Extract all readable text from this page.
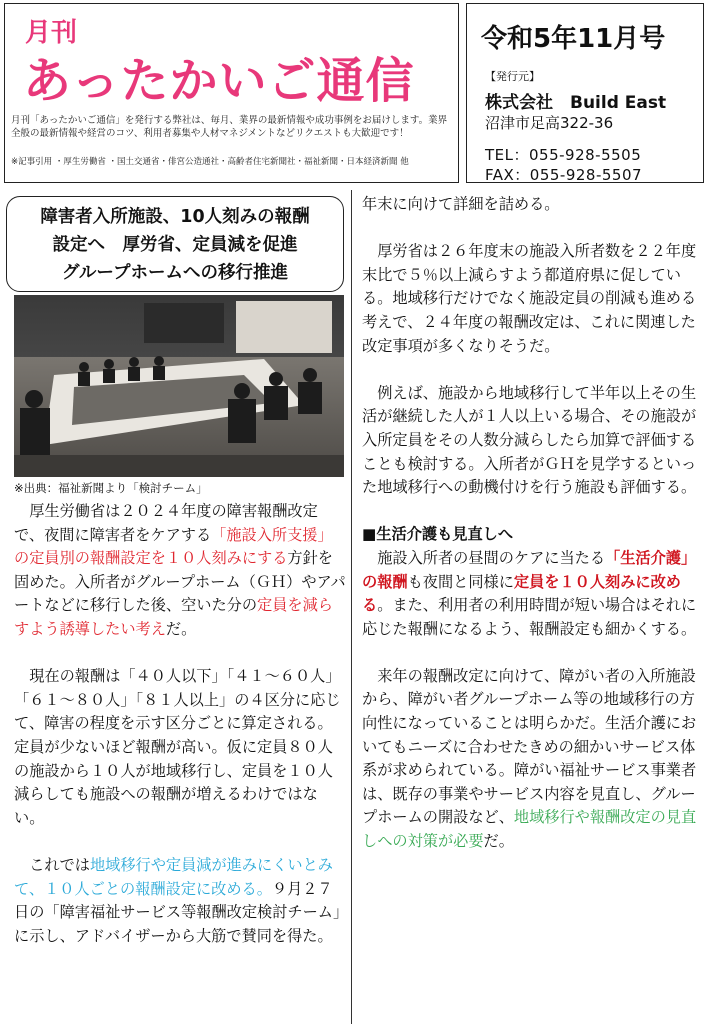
月刊
あったかいご通信
月刊「あったかいご通信」を発行する弊社は、毎月、業界の最新情報や成功事例をお届けします。業界全般の最新情報や経営のコツ、利用者募集や人材マネジメントなどリクエストも大歓迎です！
※記事引用 ・厚生労働省 ・国土交通省・俳宮公造通社・高齢者住宅新聞社・福祉新聞・日本経済新聞 他
令和5年11月号
【発行元】
株式会社　Build East
沼津市足高322-36
TEL：055-928-5505
FAX：055-928-5507
障害者入所施設、10人刻みの報酬
設定へ　厚労省、定員減を促進
グループホームへの移行推進
※出典：福祉新聞より「検討チーム」

　厚生労働省は２０２４年度の障害報酬改定で、夜間に障害者をケアする「施設入所支援」の定員別の報酬設定を１０人刻みにする方針を固めた。入所者がグループホーム（ＧＨ）やアパートなどに移行した後、空いた分の定員を減らすよう誘導したい考えだ。

　現在の報酬は「４０人以下」「４１～６０人」「６１～８０人」「８１人以上」の４区分に応じて、障害の程度を示す区分ごとに算定される。定員が少ないほど報酬が高い。仮に定員８０人の施設から１０人が地域移行し、定員を１０人減らしても施設への報酬が増えるわけではない。

　これでは地域移行や定員減が進みにくいとみて、１０人ごとの報酬設定に改める。９月２７日の「障害福祉サービス等報酬改定検討チーム」に示し、アドバイザーから大筋で賛同を得た。

年末に向けて詳細を詰める。

　厚労省は２６年度末の施設入所者数を２２年度末比で５％以上減らすよう都道府県に促している。地域移行だけでなく施設定員の削減も進める考えで、２４年度の報酬改定は、これに関連した改定事項が多くなりそうだ。

　例えば、施設から地域移行して半年以上その生活が継続した人が１人以上いる場合、その施設が入所定員をその人数分減らしたら加算で評価することも検討する。入所者がＧＨを見学するといった地域移行への動機付けを行う施設も評価する。

■生活介護も見直しへ

　施設入所者の昼間のケアに当たる「生活介護」の報酬も夜間と同様に定員を１０人刻みに改める。また、利用者の利用時間が短い場合はそれに応じた報酬になるよう、報酬設定も細かくする。

　来年の報酬改定に向けて、障がい者の入所施設から、障がい者グループホーム等の地域移行の方向性になっていることは明らかだ。生活介護においてもニーズに合わせたきめの細かいサービス体系が求められている。障がい福祉サービス事業者は、既存の事業やサービス内容を見直し、グループホームの開設など、地域移行や報酬改定の見直しへの対策が必要だ。
